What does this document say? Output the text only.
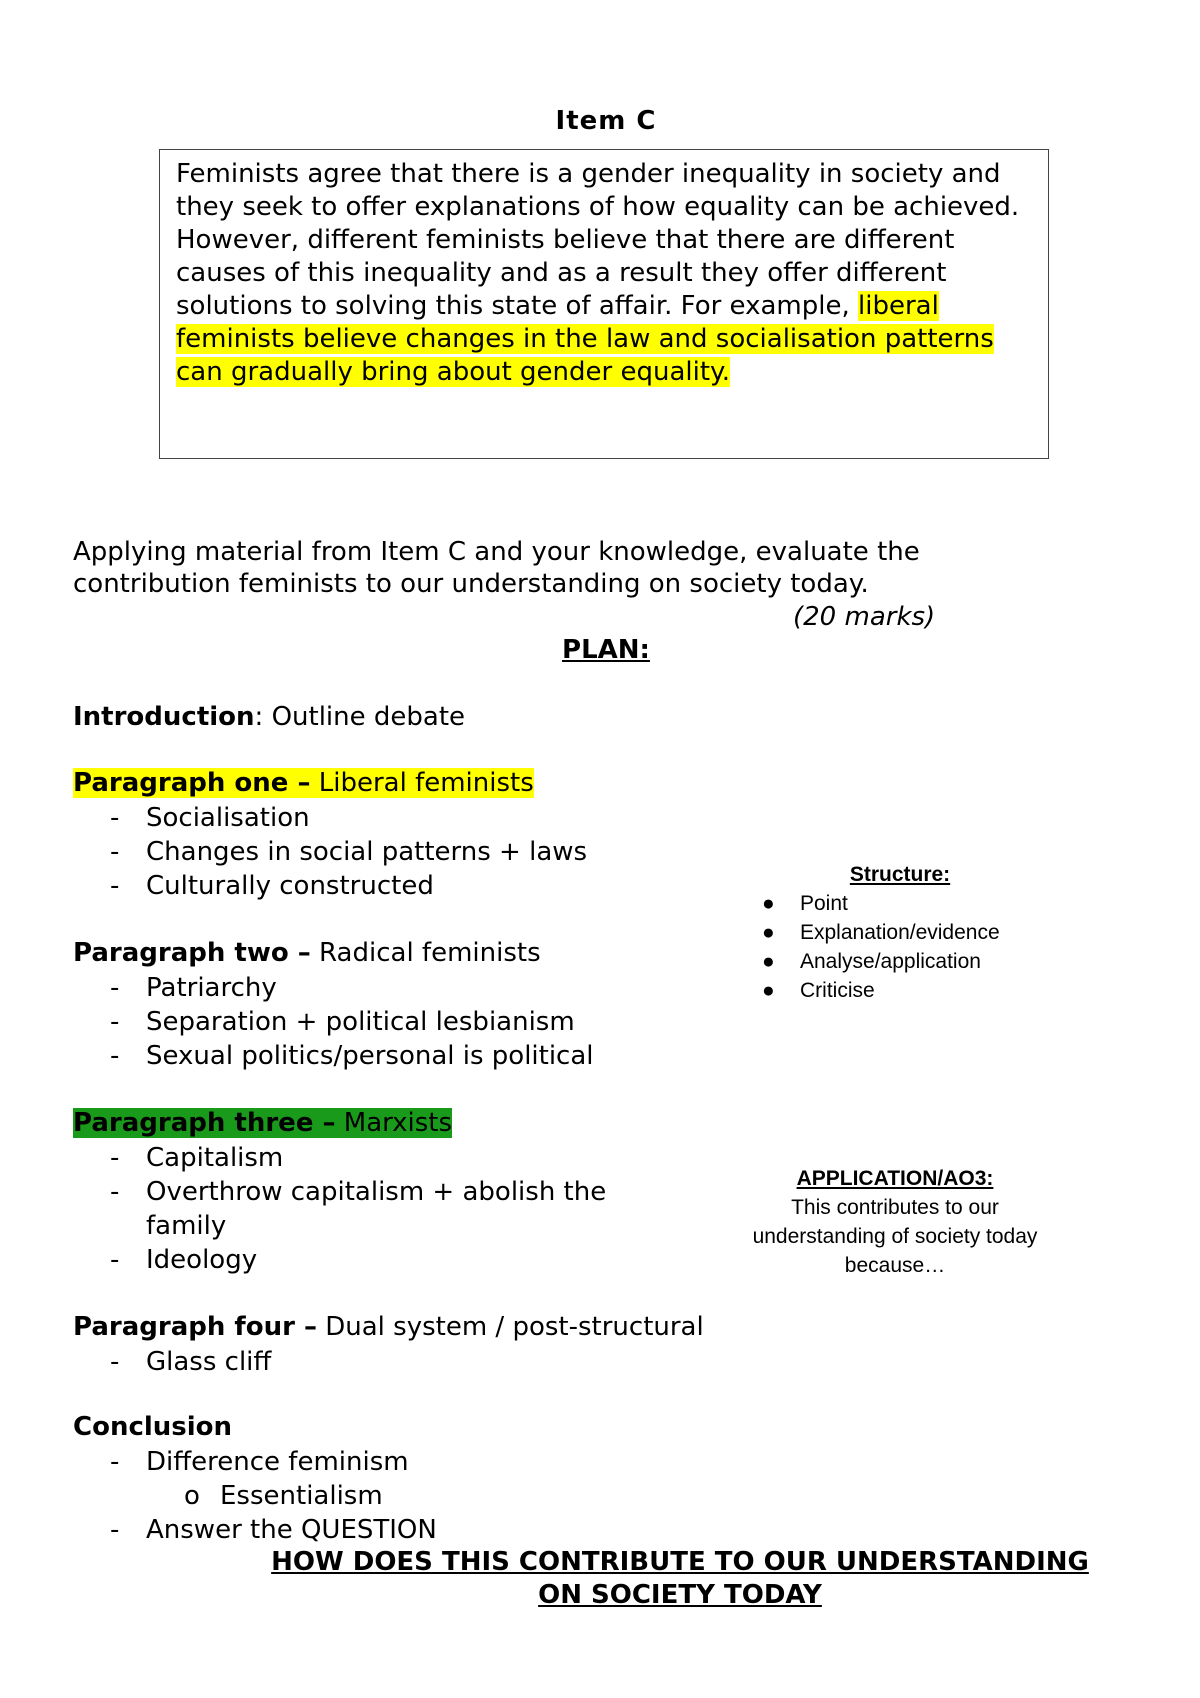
Item C
Feminists agree that there is a gender inequality in society and they seek to offer explanations of how equality can be achieved. However, different feminists believe that there are different causes of this inequality and as a result they offer different solutions to solving this state of affair. For example, liberal feminists believe changes in the law and socialisation patterns can gradually bring about gender equality.
Applying material from Item C and your knowledge, evaluate the contribution feminists to our understanding on society today.
(20 marks)
PLAN:
Introduction: Outline debate
Paragraph one – Liberal feminists
- Socialisation
- Changes in social patterns + laws
- Culturally constructed
Paragraph two – Radical feminists
- Patriarchy
- Separation + political lesbianism
- Sexual politics/personal is political
Paragraph three – Marxists
- Capitalism
- Overthrow capitalism + abolish the family
- Ideology
Paragraph four – Dual system / post-structural
- Glass cliff
Conclusion
- Difference feminism
o Essentialism
- Answer the QUESTION
HOW DOES THIS CONTRIBUTE TO OUR UNDERSTANDING
ON SOCIETY TODAY
Structure:
● Point
● Explanation/evidence
● Analyse/application
● Criticise
APPLICATION/AO3:
This contributes to our understanding of society today because…
